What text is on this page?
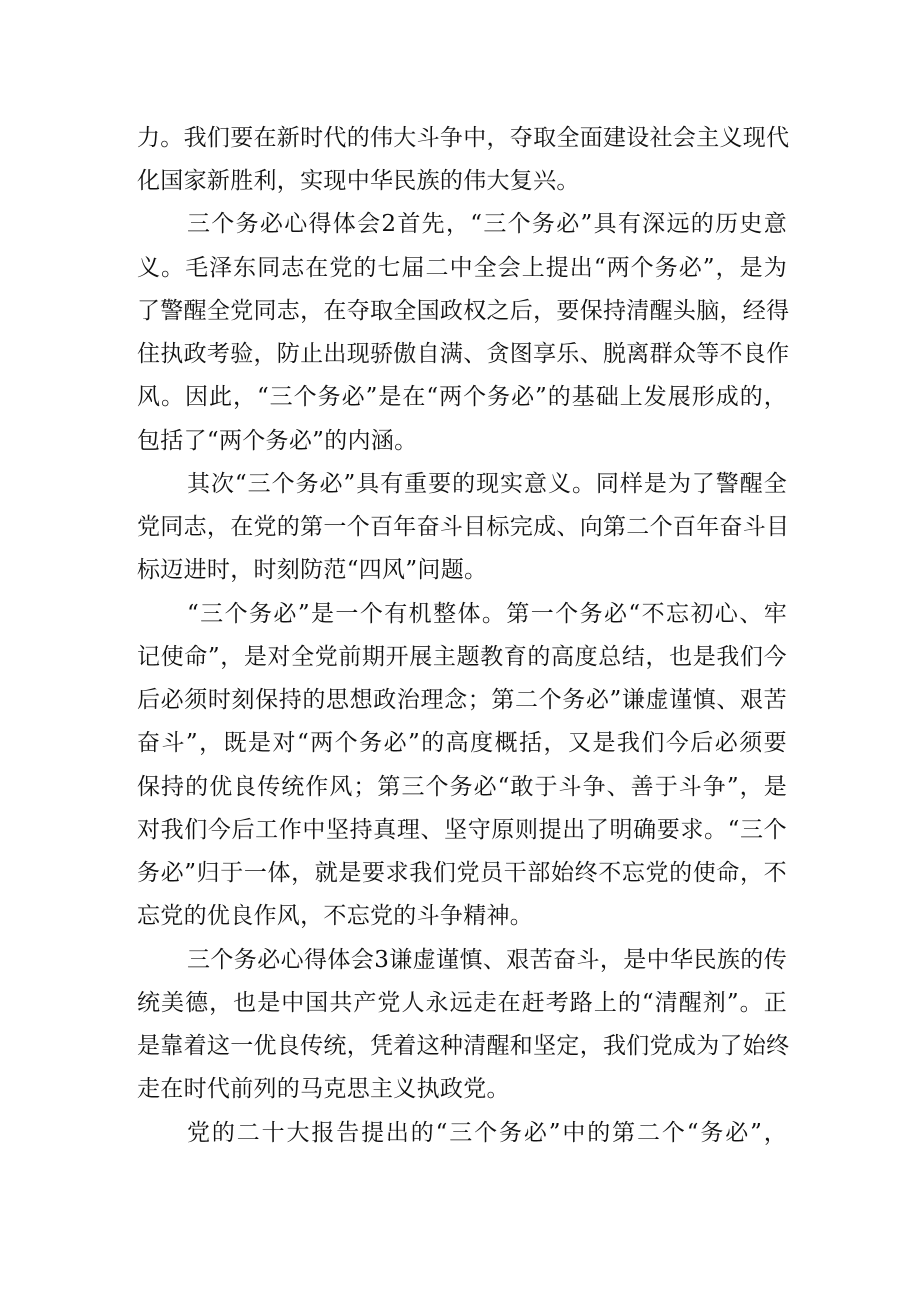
力。我们要在新时代的伟大斗争中，夺取全面建设社会主义现代
化国家新胜利，实现中华民族的伟大复兴。
三个务必心得体会2首先，“三个务必”具有深远的历史意
义。毛泽东同志在党的七届二中全会上提出“两个务必”，是为
了警醒全党同志，在夺取全国政权之后，要保持清醒头脑，经得
住执政考验，防止出现骄傲自满、贪图享乐、脱离群众等不良作
风。因此，“三个务必”是在“两个务必”的基础上发展形成的，
包括了“两个务必”的内涵。
其次“三个务必”具有重要的现实意义。同样是为了警醒全
党同志，在党的第一个百年奋斗目标完成、向第二个百年奋斗目
标迈进时，时刻防范“四风”问题。
“三个务必”是一个有机整体。第一个务必“不忘初心、牢
记使命”，是对全党前期开展主题教育的高度总结，也是我们今
后必须时刻保持的思想政治理念；第二个务必”谦虚谨慎、艰苦
奋斗”，既是对“两个务必”的高度概括，又是我们今后必须要
保持的优良传统作风；第三个务必“敢于斗争、善于斗争”，是
对我们今后工作中坚持真理、坚守原则提出了明确要求。“三个
务必”归于一体，就是要求我们党员干部始终不忘党的使命，不
忘党的优良作风，不忘党的斗争精神。
三个务必心得体会3谦虚谨慎、艰苦奋斗，是中华民族的传
统美德，也是中国共产党人永远走在赶考路上的“清醒剂”。正
是靠着这一优良传统，凭着这种清醒和坚定，我们党成为了始终
走在时代前列的马克思主义执政党。
党的二十大报告提出的“三个务必”中的第二个“务必”，
